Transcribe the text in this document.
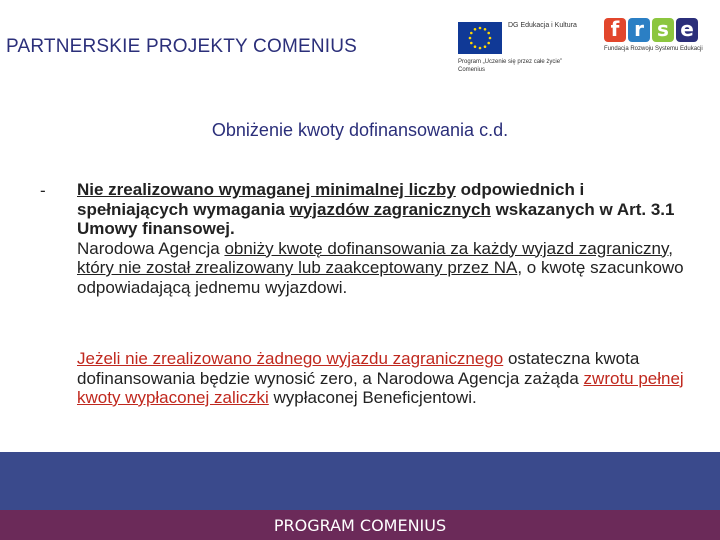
PARTNERSKIE PROJEKTY COMENIUS
DG Edukacja i Kultura
Program „Uczenie się przez całe życie”
Comenius
f r s e
Fundacja Rozwoju Systemu Edukacji
Obniżenie kwoty dofinansowania c.d.
- Nie zrealizowano wymaganej minimalnej liczby odpowiednich i spełniających wymagania wyjazdów zagranicznych wskazanych w Art. 3.1 Umowy finansowej.
Narodowa Agencja obniży kwotę dofinansowania za każdy wyjazd zagraniczny, który nie został zrealizowany lub zaakceptowany przez NA, o kwotę szacunkowo odpowiadającą jednemu wyjazdowi.
Jeżeli nie zrealizowano żadnego wyjazdu zagranicznego ostateczna kwota dofinansowania będzie wynosić zero, a Narodowa Agencja zażąda zwrotu pełnej kwoty wypłaconej zaliczki wypłaconej Beneficjentowi.
PROGRAM COMENIUS
